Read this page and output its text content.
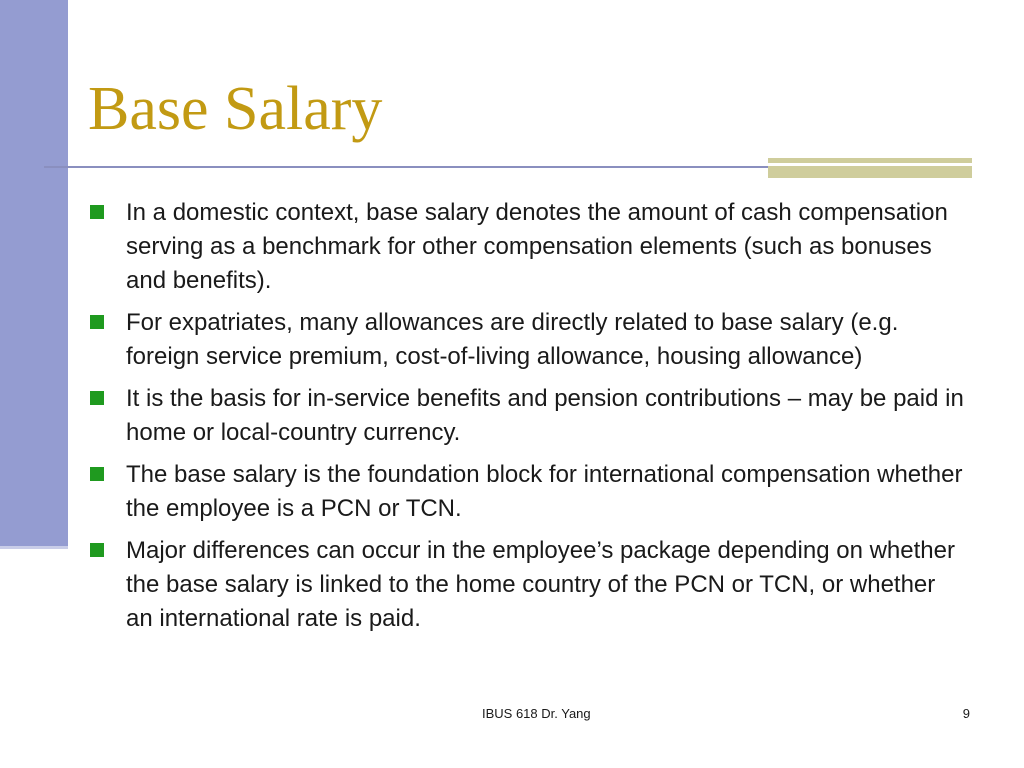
Base Salary
In a domestic context, base salary denotes the amount of cash compensation serving as a benchmark for other compensation elements (such as bonuses and benefits).
For expatriates, many allowances are directly related to base salary (e.g. foreign service premium, cost-of-living allowance, housing allowance)
It is the basis for in-service benefits and pension contributions – may be paid in home or local-country currency.
The base salary is the foundation block for international compensation whether the employee is a PCN or TCN.
Major differences can occur in the employee’s package depending on whether the base salary is linked to the home country of the PCN or TCN, or whether an international rate is paid.
IBUS 618 Dr. Yang	9
